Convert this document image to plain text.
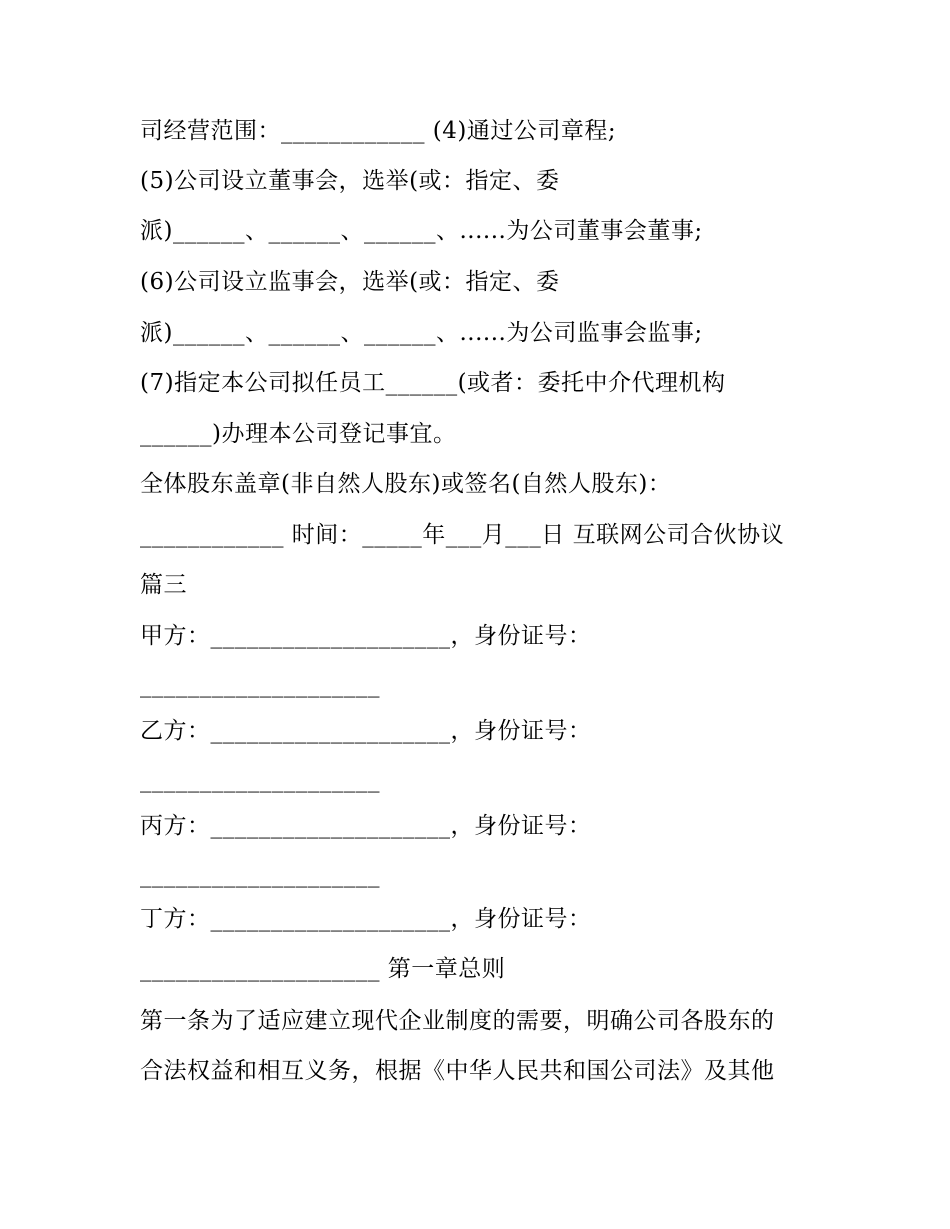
司经营范围：____________ (4)通过公司章程;
(5)公司设立董事会，选举(或：指定、委
派)______、______、______、......为公司董事会董事;
(6)公司设立监事会，选举(或：指定、委
派)______、______、______、......为公司监事会监事;
(7)指定本公司拟任员工______(或者：委托中介代理机构
______)办理本公司登记事宜。
全体股东盖章(非自然人股东)或签名(自然人股东)：
____________ 时间：_____年___月___日 互联网公司合伙协议
篇三
甲方：____________________，身份证号：
____________________
乙方：____________________，身份证号：
____________________
丙方：____________________，身份证号：
____________________
丁方：____________________，身份证号：
____________________ 第一章总则
第一条为了适应建立现代企业制度的需要，明确公司各股东的
合法权益和相互义务，根据《中华人民共和国公司法》及其他
